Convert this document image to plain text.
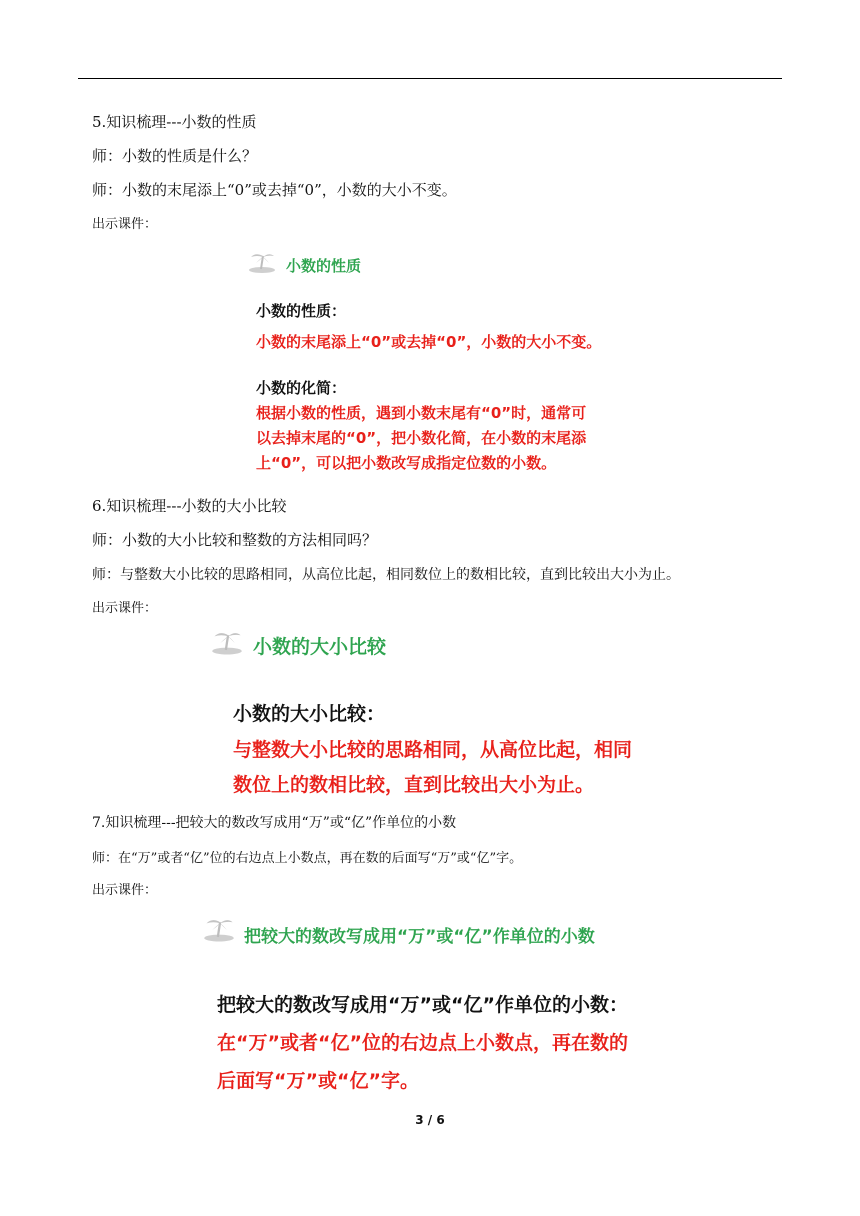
5.知识梳理---小数的性质
师：小数的性质是什么？
师：小数的末尾添上“0”或去掉“0”，小数的大小不变。
出示课件：
小数的性质
小数的性质：
小数的末尾添上“0”或去掉“0”，小数的大小不变。
小数的化简：
根据小数的性质，遇到小数末尾有“0”时，通常可
以去掉末尾的“0”，把小数化简，在小数的末尾添
上“0”，可以把小数改写成指定位数的小数。
6.知识梳理---小数的大小比较
师：小数的大小比较和整数的方法相同吗？
师：与整数大小比较的思路相同，从高位比起，相同数位上的数相比较，直到比较出大小为止。
出示课件：
小数的大小比较
小数的大小比较：
与整数大小比较的思路相同，从高位比起，相同
数位上的数相比较，直到比较出大小为止。
7.知识梳理---把较大的数改写成用“万”或“亿”作单位的小数
师：在“万”或者“亿”位的右边点上小数点，再在数的后面写“万”或“亿”字。
出示课件：
把较大的数改写成用“万”或“亿”作单位的小数
把较大的数改写成用“万”或“亿”作单位的小数：
在“万”或者“亿”位的右边点上小数点，再在数的
后面写“万”或“亿”字。
3 / 6
